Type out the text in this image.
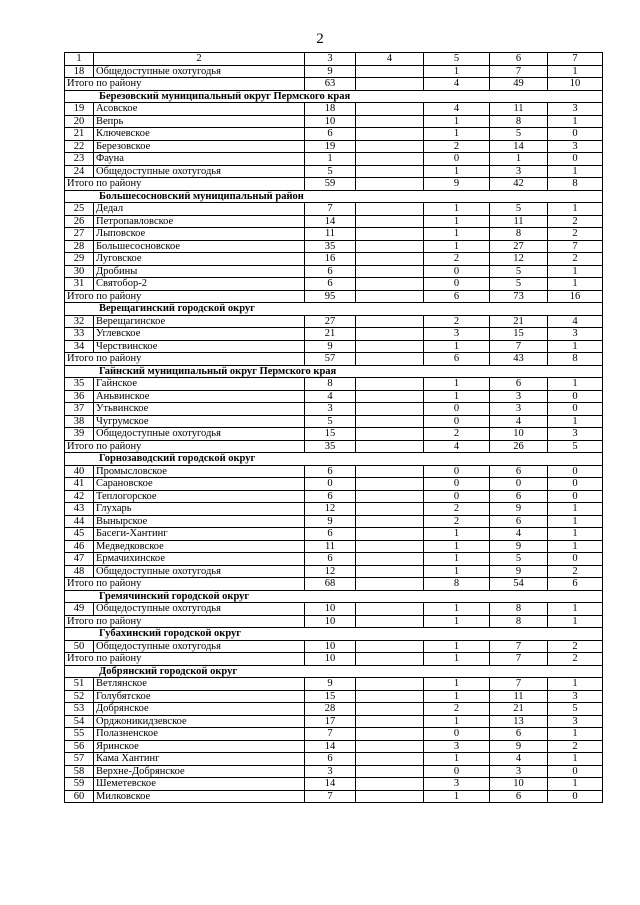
2
1	2	3	4	5	6	7
18	Общедоступные охотугодья	9		1	7	1
Итого по району		63		4	49	10
Березовский муниципальный округ Пермского края						
19	Асовское	18		4	11	3
20	Вепрь	10		1	8	1
21	Ключевское	6		1	5	0
22	Березовское	19		2	14	3
23	Фауна	1		0	1	0
24	Общедоступные охотугодья	5		1	3	1
Итого по району		59		9	42	8
Большесосновский муниципальный район						
25	Дедал	7		1	5	1
26	Петропавловское	14		1	11	2
27	Лыповское	11		1	8	2
28	Большесосновское	35		1	27	7
29	Луговское	16		2	12	2
30	Дробины	6		0	5	1
31	Святобор-2	6		0	5	1
Итого по району		95		6	73	16
Верещагинский городской округ						
32	Верещагинское	27		2	21	4
33	Углевское	21		3	15	3
34	Черствинское	9		1	7	1
Итого по району		57		6	43	8
Гайнский муниципальный округ Пермского края						
35	Гайнское	8		1	6	1
36	Аньвинское	4		1	3	0
37	Утьвинское	3		0	3	0
38	Чугрумское	5		0	4	1
39	Общедоступные охотугодья	15		2	10	3
Итого по району		35		4	26	5
Горнозаводский городской округ						
40	Промысловское	6		0	6	0
41	Сарановское	0		0	0	0
42	Теплогорское	6		0	6	0
43	Глухарь	12		2	9	1
44	Вынырское	9		2	6	1
45	Басеги-Хантинг	6		1	4	1
46	Медведковское	11		1	9	1
47	Ермачихинское	6		1	5	0
48	Общедоступные охотугодья	12		1	9	2
Итого по району		68		8	54	6
Гремячинский городской округ						
49	Общедоступные охотугодья	10		1	8	1
Итого по району		10		1	8	1
Губахинский городской округ						
50	Общедоступные охотугодья	10		1	7	2
Итого по району		10		1	7	2
Добрянский городской округ						
51	Ветлянское	9		1	7	1
52	Голубятское	15		1	11	3
53	Добрянское	28		2	21	5
54	Орджоникидзевское	17		1	13	3
55	Полазненское	7		0	6	1
56	Яринское	14		3	9	2
57	Кама Хантинг	6		1	4	1
58	Верхне-Добрянское	3		0	3	0
59	Шеметевское	14		3	10	1
60	Милковское	7		1	6	0
